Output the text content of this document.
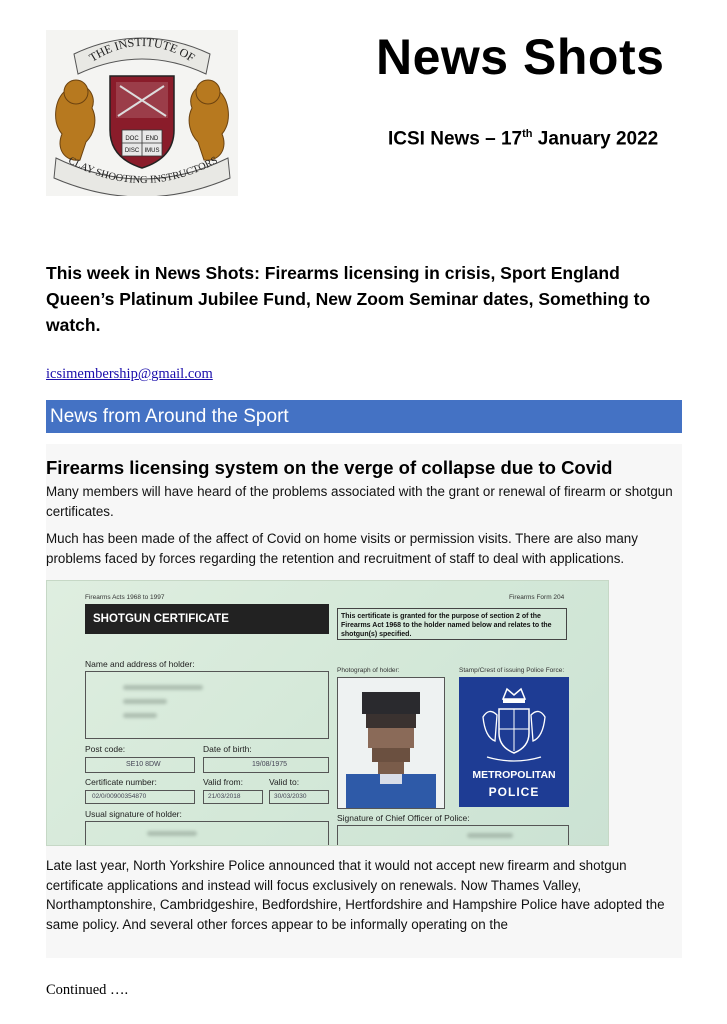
THE INSTITUTE OF
DOC END
DISC IMUS
CLAY SHOOTING INSTRUCTORS
News Shots
ICSI News – 17th January 2022
This week in News Shots: Firearms licensing in crisis, Sport England Queen’s Platinum Jubilee Fund, New Zoom Seminar dates, Something to watch.
icsimembership@gmail.com
News from Around the Sport
Firearms licensing system on the verge of collapse due to Covid

Many members will have heard of the problems associated with the grant or renewal of firearm or shotgun certificates.

Much has been made of the affect of Covid on home visits or permission visits. There are also many problems faced by forces regarding the retention and recruitment of staff to deal with applications.

Firearms Acts 1968 to 1997	Firearms Form 204
SHOTGUN CERTIFICATE	This certificate is granted for the purpose of section 2 of the Firearms Act 1968 to the holder named below and relates to the shotgun(s) specified.
Name and address of holder:
Photograph of holder:	Stamp/Crest of issuing Police Force:
Post code:
SE10 8DW
Date of birth:
19/08/1975
Certificate number:
02/0/00900354870
Valid from:
21/03/2018
Valid to:
30/03/2030
Usual signature of holder:
METROPOLITAN
POLICE
Signature of Chief Officer of Police:

Late last year, North Yorkshire Police announced that it would not accept new firearm and shotgun certificate applications and instead will focus exclusively on renewals. Now Thames Valley, Northamptonshire, Cambridgeshire, Bedfordshire, Hertfordshire and Hampshire Police have adopted the same policy. And several other forces appear to be informally operating on the

Continued ….
